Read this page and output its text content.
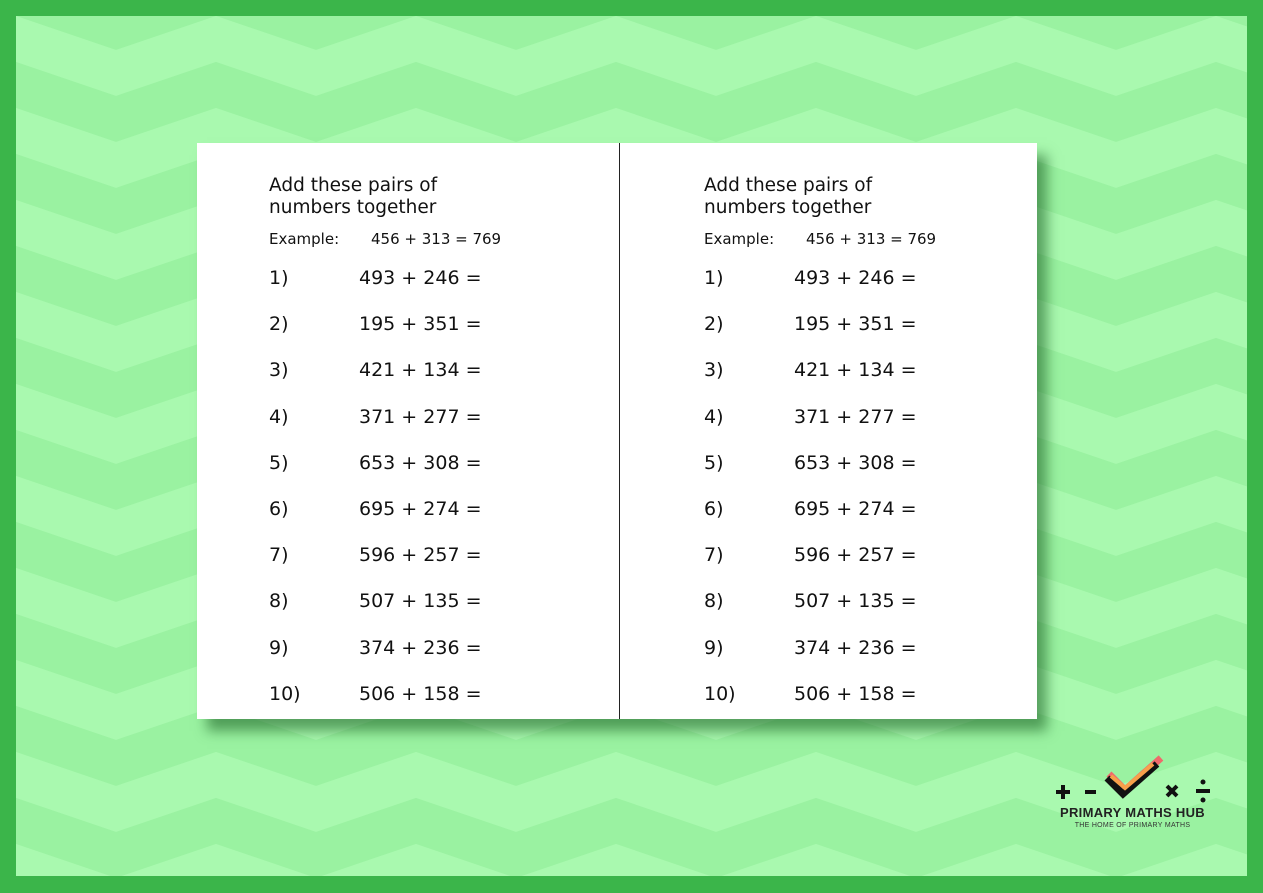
Add these pairs of
numbers together
Example: 456 + 313 = 769
1)	493 + 246 =
2)	195 + 351 =
3)	421 + 134 =
4)	371 + 277 =
5)	653 + 308 =
6)	695 + 274 =
7)	596 + 257 =
8)	507 + 135 =
9)	374 + 236 =
10)	506 + 158 =
Add these pairs of
numbers together
Example: 456 + 313 = 769
1)	493 + 246 =
2)	195 + 351 =
3)	421 + 134 =
4)	371 + 277 =
5)	653 + 308 =
6)	695 + 274 =
7)	596 + 257 =
8)	507 + 135 =
9)	374 + 236 =
10)	506 + 158 =
PRIMARY MATHS HUB
THE HOME OF PRIMARY MATHS
